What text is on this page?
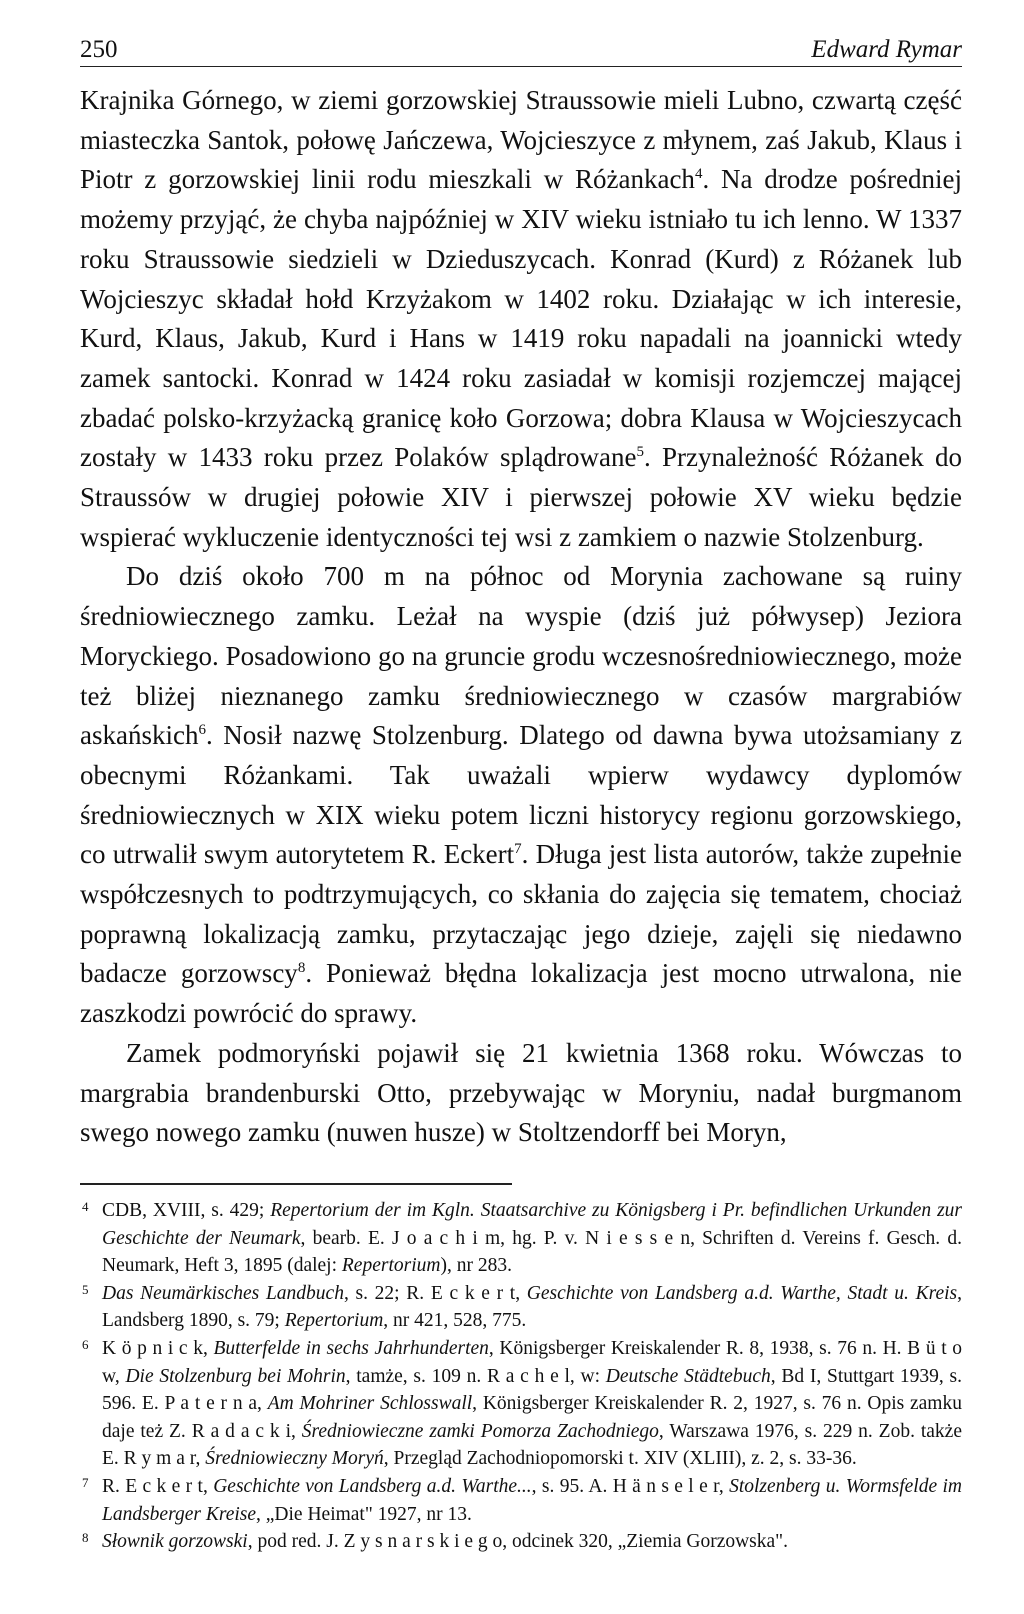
250	Edward Rymar

Krajnika Górnego, w ziemi gorzowskiej Straussowie mieli Lubno, czwartą część miasteczka Santok, połowę Jańczewa, Wojcieszyce z młynem, zaś Jakub, Klaus i Piotr z gorzowskiej linii rodu mieszkali w Różankach$^4$. Na drodze pośredniej możemy przyjąć, że chyba najpóźniej w XIV wieku istniało tu ich lenno. W 1337 roku Straussowie siedzieli w Dzieduszycach. Konrad (Kurd) z Różanek lub Wojcieszyc składał hołd Krzyżakom w 1402 roku. Działając w ich interesie, Kurd, Klaus, Jakub, Kurd i Hans w 1419 roku napadali na joannicki wtedy zamek santocki. Konrad w 1424 roku zasiadał w komisji rozjemczej mającej zbadać polsko-krzyżacką granicę koło Gorzowa; dobra Klausa w Wojcieszycach zostały w 1433 roku przez Polaków splądrowane$^5$. Przynależność Różanek do Straussów w drugiej połowie XIV i pierwszej połowie XV wieku będzie wspierać wykluczenie identyczności tej wsi z zamkiem o nazwie Stolzenburg.

Do dziś około 700 m na północ od Morynia zachowane są ruiny średniowiecznego zamku. Leżał na wyspie (dziś już półwysep) Jeziora Moryckiego. Posadowiono go na gruncie grodu wczesnośredniowiecznego, może też bliżej nieznanego zamku średniowiecznego w czasów margrabiów askańskich$^6$. Nosił nazwę Stolzenburg. Dlatego od dawna bywa utożsamiany z obecnymi Różankami. Tak uważali wpierw wydawcy dyplomów średniowiecznych w XIX wieku potem liczni historycy regionu gorzowskiego, co utrwalił swym autorytetem R. Eckert$^7$. Długa jest lista autorów, także zupełnie współczesnych to podtrzymujących, co skłania do zajęcia się tematem, chociaż poprawną lokalizacją zamku, przytaczając jego dzieje, zajęli się niedawno badacze gorzowscy$^8$. Ponieważ błędna lokalizacja jest mocno utrwalona, nie zaszkodzi powrócić do sprawy.

Zamek podmoryński pojawił się 21 kwietnia 1368 roku. Wówczas to margrabia brandenburski Otto, przebywając w Moryniu, nadał burgmanom swego nowego zamku (nuwen husze) w Stoltzendorff bei Moryn,

4 CDB, XVIII, s. 429; Repertorium der im Kgln. Staatsarchive zu Königsberg i Pr. befindlichen Urkunden zur Geschichte der Neumark, bearb. E. J o a c h i m, hg. P. v. N i e s s e n, Schriften d. Vereins f. Gesch. d. Neumark, Heft 3, 1895 (dalej: Repertorium), nr 283.
5 Das Neumärkisches Landbuch, s. 22; R. E c k e r t, Geschichte von Landsberg a.d. Warthe, Stadt u. Kreis, Landsberg 1890, s. 79; Repertorium, nr 421, 528, 775.
6 K ö p n i c k, Butterfelde in sechs Jahrhunderten, Königsberger Kreiskalender R. 8, 1938, s. 76 n. H. B ü t o w, Die Stolzenburg bei Mohrin, tamże, s. 109 n. R a c h e l, w: Deutsche Städtebuch, Bd I, Stuttgart 1939, s. 596. E. P a t e r n a, Am Mohriner Schlosswall, Königsberger Kreiskalender R. 2, 1927, s. 76 n. Opis zamku daje też Z. R a d a c k i, Średniowieczne zamki Pomorza Zachodniego, Warszawa 1976, s. 229 n. Zob. także E. R y m a r, Średniowieczny Moryń, Przegląd Zachodniopomorski t. XIV (XLIII), z. 2, s. 33-36.
7 R. E c k e r t, Geschichte von Landsberg a.d. Warthe..., s. 95. A. H ä n s e l e r, Stolzenberg u. Wormsfelde im Landsberger Kreise, „Die Heimat" 1927, nr 13.
8 Słownik gorzowski, pod red. J. Z y s n a r s k i e g o, odcinek 320, „Ziemia Gorzowska".
